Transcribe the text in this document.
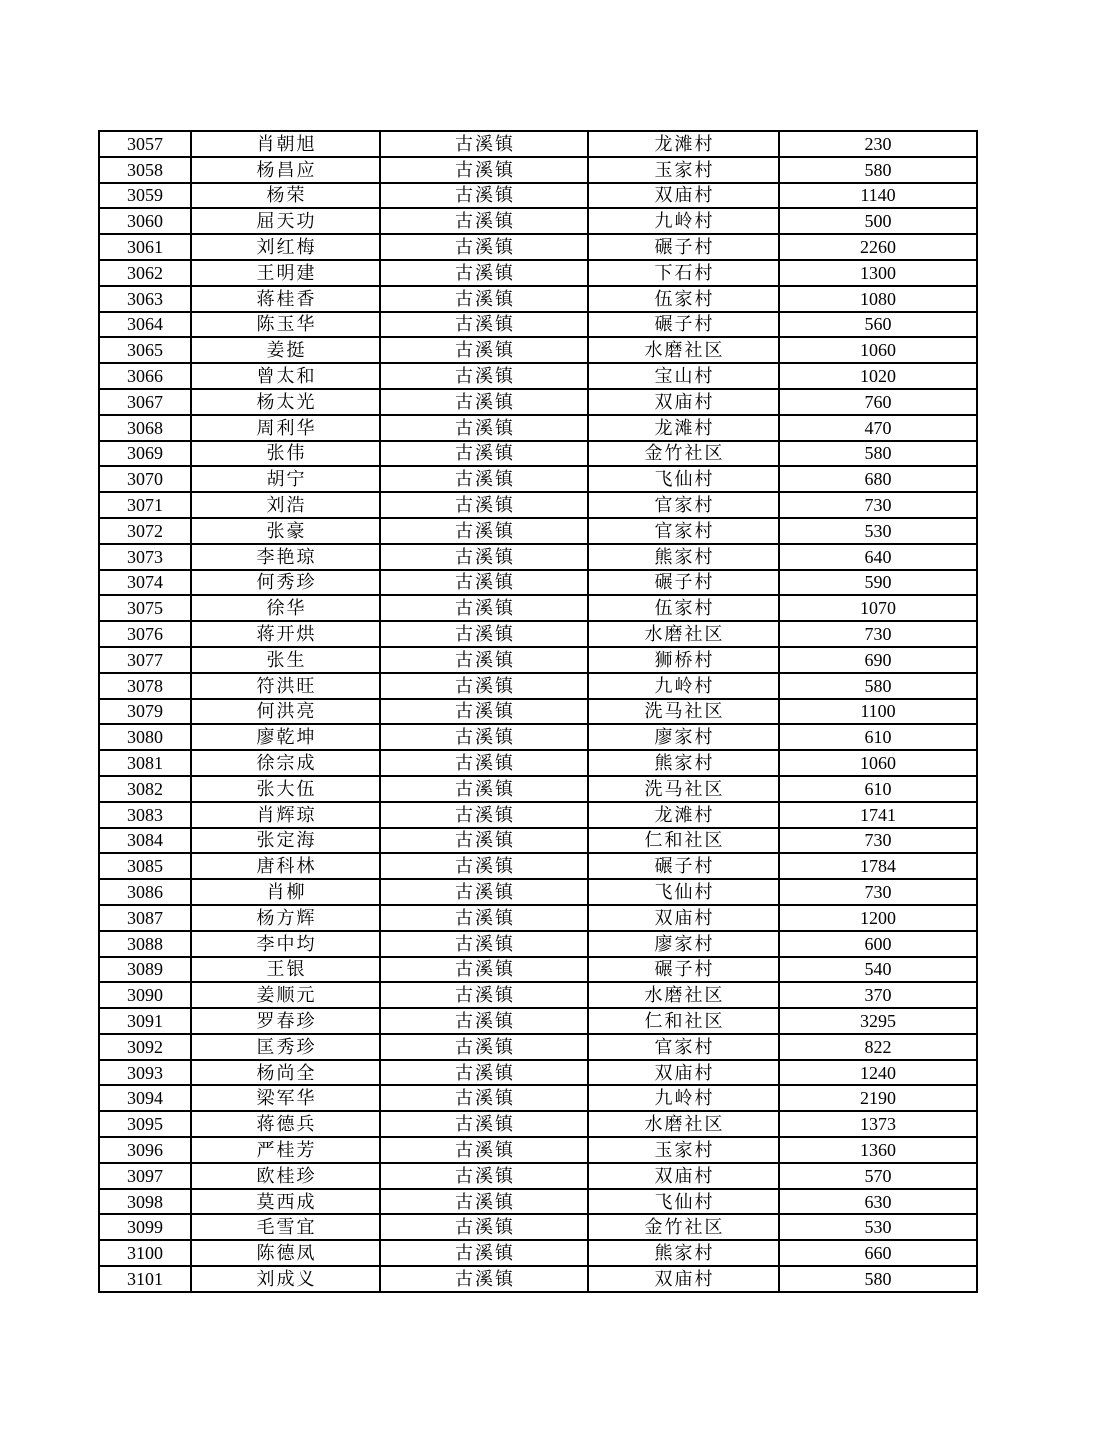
3057	肖朝旭	古溪镇	龙滩村	230
3058	杨昌应	古溪镇	玉家村	580
3059	杨荣	古溪镇	双庙村	1140
3060	屈天功	古溪镇	九岭村	500
3061	刘红梅	古溪镇	碾子村	2260
3062	王明建	古溪镇	下石村	1300
3063	蒋桂香	古溪镇	伍家村	1080
3064	陈玉华	古溪镇	碾子村	560
3065	姜挺	古溪镇	水磨社区	1060
3066	曾太和	古溪镇	宝山村	1020
3067	杨太光	古溪镇	双庙村	760
3068	周利华	古溪镇	龙滩村	470
3069	张伟	古溪镇	金竹社区	580
3070	胡宁	古溪镇	飞仙村	680
3071	刘浩	古溪镇	官家村	730
3072	张豪	古溪镇	官家村	530
3073	李艳琼	古溪镇	熊家村	640
3074	何秀珍	古溪镇	碾子村	590
3075	徐华	古溪镇	伍家村	1070
3076	蒋开烘	古溪镇	水磨社区	730
3077	张生	古溪镇	狮桥村	690
3078	符洪旺	古溪镇	九岭村	580
3079	何洪亮	古溪镇	洗马社区	1100
3080	廖乾坤	古溪镇	廖家村	610
3081	徐宗成	古溪镇	熊家村	1060
3082	张大伍	古溪镇	洗马社区	610
3083	肖辉琼	古溪镇	龙滩村	1741
3084	张定海	古溪镇	仁和社区	730
3085	唐科林	古溪镇	碾子村	1784
3086	肖柳	古溪镇	飞仙村	730
3087	杨方辉	古溪镇	双庙村	1200
3088	李中均	古溪镇	廖家村	600
3089	王银	古溪镇	碾子村	540
3090	姜顺元	古溪镇	水磨社区	370
3091	罗春珍	古溪镇	仁和社区	3295
3092	匡秀珍	古溪镇	官家村	822
3093	杨尚全	古溪镇	双庙村	1240
3094	梁军华	古溪镇	九岭村	2190
3095	蒋德兵	古溪镇	水磨社区	1373
3096	严桂芳	古溪镇	玉家村	1360
3097	欧桂珍	古溪镇	双庙村	570
3098	莫西成	古溪镇	飞仙村	630
3099	毛雪宜	古溪镇	金竹社区	530
3100	陈德凤	古溪镇	熊家村	660
3101	刘成义	古溪镇	双庙村	580
